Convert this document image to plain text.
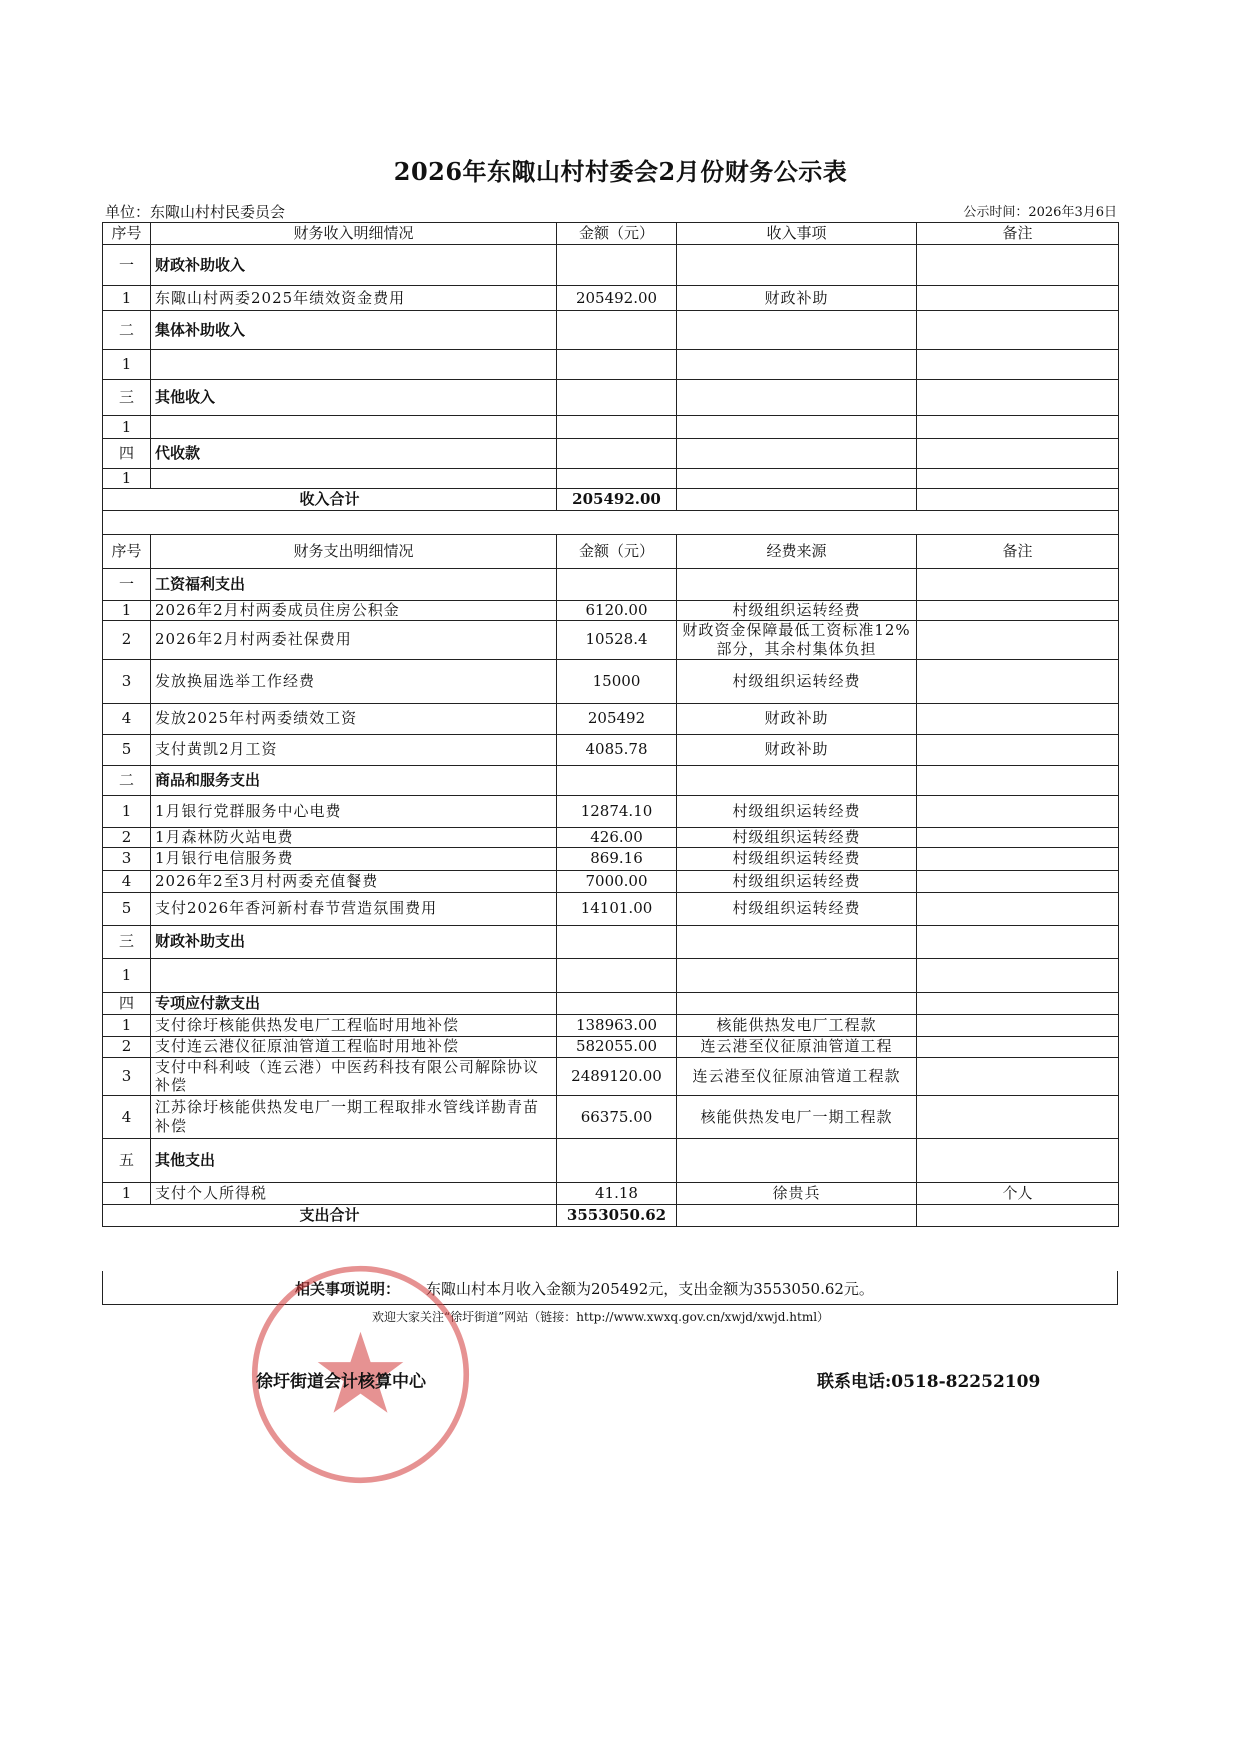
2026年东陬山村村委会2月份财务公示表
单位：东陬山村村民委员会	公示时间：2026年3月6日
序号	财务收入明细情况	金额（元）	收入事项	备注
一	财政补助收入			
1	东陬山村两委2025年绩效资金费用	205492.00	财政补助	
二	集体补助收入			
1				
三	其他收入			
1				
四	代收款			
1				
收入合计		205492.00		

序号	财务支出明细情况	金额（元）	经费来源	备注
一	工资福利支出			
1	2026年2月村两委成员住房公积金	6120.00	村级组织运转经费	
2	2026年2月村两委社保费用	10528.4	财政资金保障最低工资标准12%部分，其余村集体负担	
3	发放换届选举工作经费	15000	村级组织运转经费	
4	发放2025年村两委绩效工资	205492	财政补助	
5	支付黄凯2月工资	4085.78	财政补助	
二	商品和服务支出			
1	1月银行党群服务中心电费	12874.10	村级组织运转经费	
2	1月森林防火站电费	426.00	村级组织运转经费	
3	1月银行电信服务费	869.16	村级组织运转经费	
4	2026年2至3月村两委充值餐费	7000.00	村级组织运转经费	
5	支付2026年香河新村春节营造氛围费用	14101.00	村级组织运转经费	
三	财政补助支出			
1				
四	专项应付款支出			
1	支付徐圩核能供热发电厂工程临时用地补偿	138963.00	核能供热发电厂工程款	
2	支付连云港仪征原油管道工程临时用地补偿	582055.00	连云港至仪征原油管道工程	
3	支付中科利岐（连云港）中医药科技有限公司解除协议补偿	2489120.00	连云港至仪征原油管道工程款	
4	江苏徐圩核能供热发电厂一期工程取排水管线详勘青苗补偿	66375.00	核能供热发电厂一期工程款	
五	其他支出			
1	支付个人所得税	41.18	徐贵兵	个人
支出合计		3553050.62		
相关事项说明： 东陬山村本月收入金额为205492元，支出金额为3553050.62元。
欢迎大家关注“徐圩街道”网站（链接：http://www.xwxq.gov.cn/xwjd/xwjd.html）
徐圩街道会计核算中心	联系电话:0518-82252109
